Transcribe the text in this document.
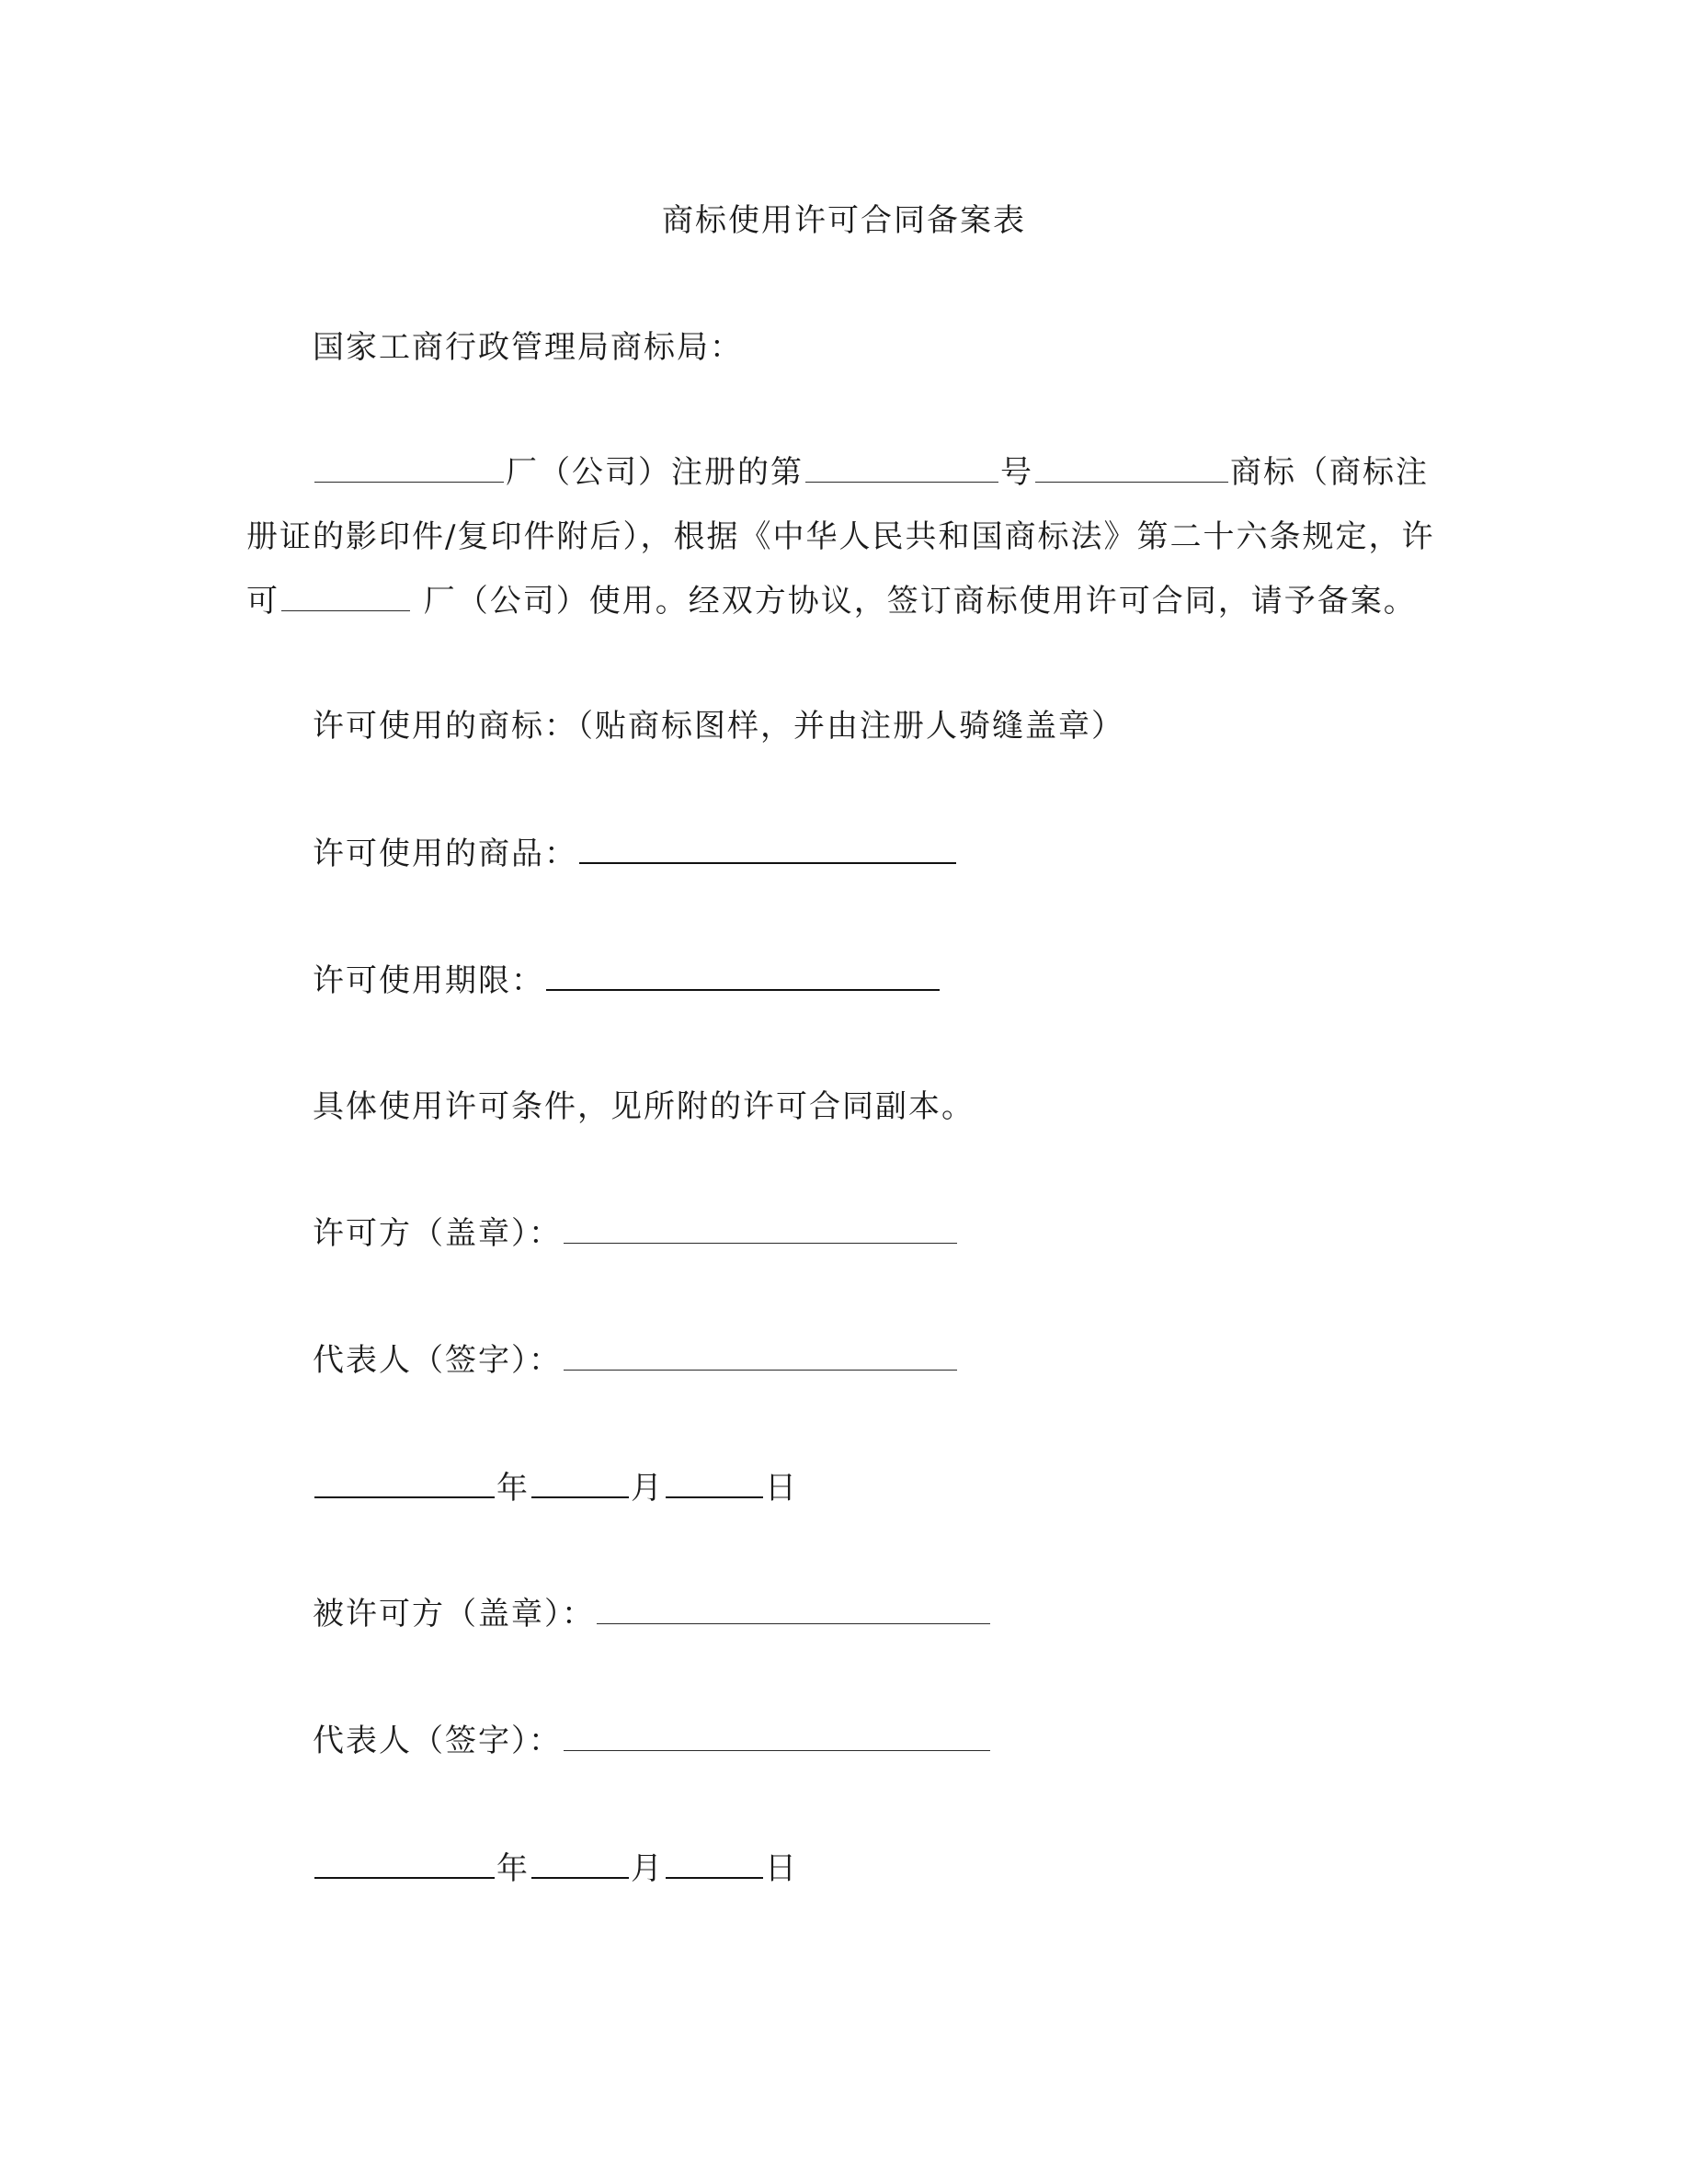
商标使用许可合同备案表
国家工商行政管理局商标局：
厂（公司）注册的第	号	商标（商标注
册证的影印件/复印件附后），根据《中华人民共和国商标法》第二十六条规定，许
可	厂（公司）使用。经双方协议，签订商标使用许可合同，请予备案。
许可使用的商标：（贴商标图样，并由注册人骑缝盖章）
许可使用的商品：
许可使用期限：
具体使用许可条件，见所附的许可合同副本。
许可方（盖章）：
代表人（签字）：
年	月	日
被许可方（盖章）：
代表人（签字）：
年	月	日
